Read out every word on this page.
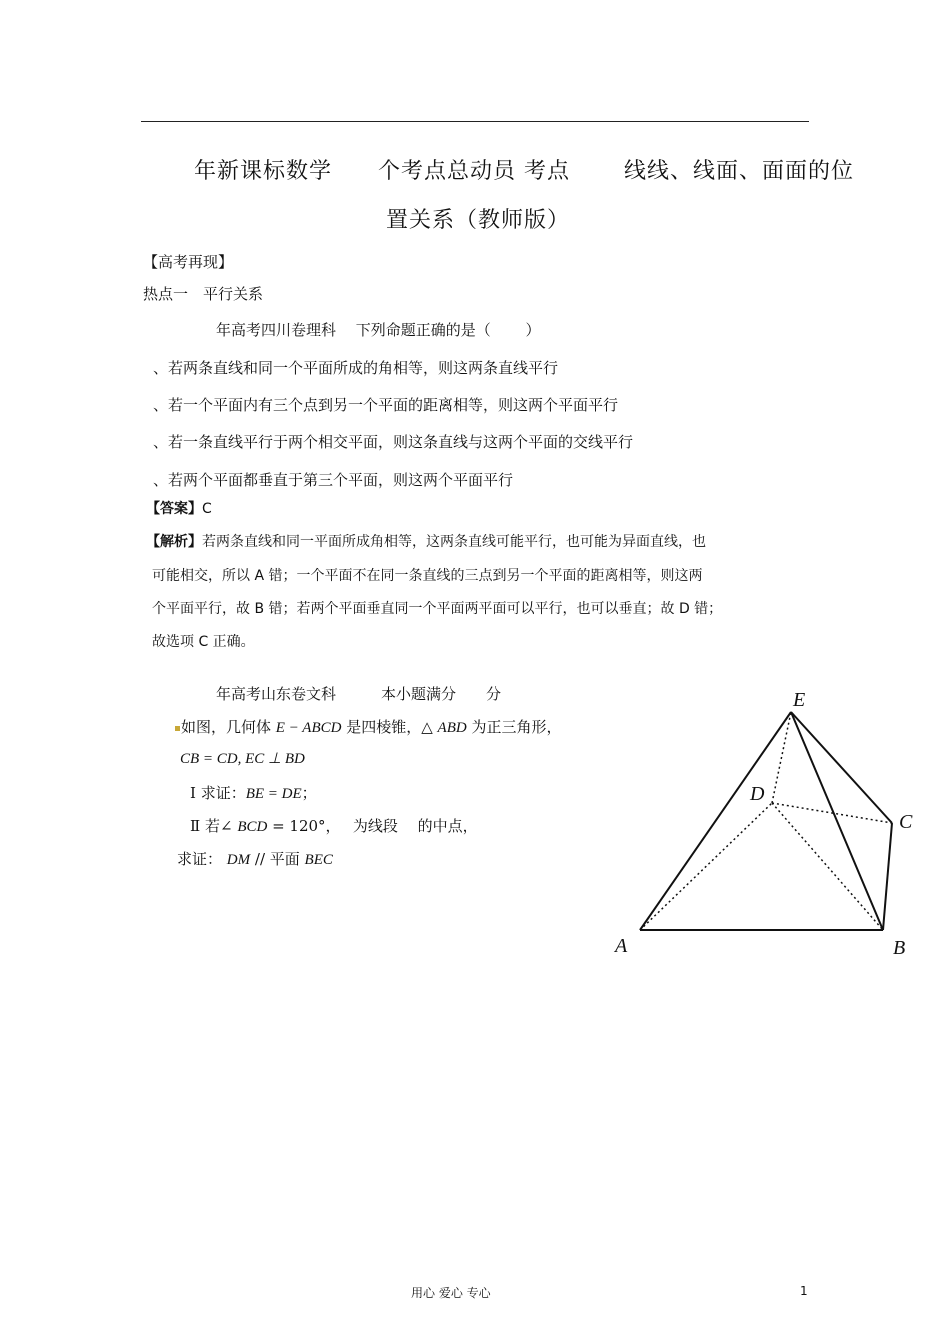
年新课标数学　　个考点总动员 考点　　 线线、线面、面面的位
置关系（教师版）
【高考再现】
热点一　平行关系
年高考四川卷理科　 下列命题正确的是（　　 ）
、若两条直线和同一个平面所成的角相等，则这两条直线平行
、若一个平面内有三个点到另一个平面的距离相等，则这两个平面平行
、若一条直线平行于两个相交平面，则这条直线与这两个平面的交线平行
、若两个平面都垂直于第三个平面，则这两个平面平行
【答案】C
【解析】若两条直线和同一平面所成角相等，这两条直线可能平行，也可能为异面直线，也
可能相交，所以 A 错；一个平面不在同一条直线的三点到另一个平面的距离相等，则这两
个平面平行，故 B 错；若两个平面垂直同一个平面两平面可以平行，也可以垂直；故 D 错；
故选项 C 正确。
年高考山东卷文科　　　本小题满分　　分
如图，几何体 E − ABCD 是四棱锥，△ ABD 为正三角形，
CB = CD, EC ⊥ BD
Ⅰ 求证：BE = DE；
Ⅱ 若∠ BCD = 120°，　 为线段　 的中点，
求证： DM // 平面 BEC
E
D
C
A	B
用心 爱心 专心	1
